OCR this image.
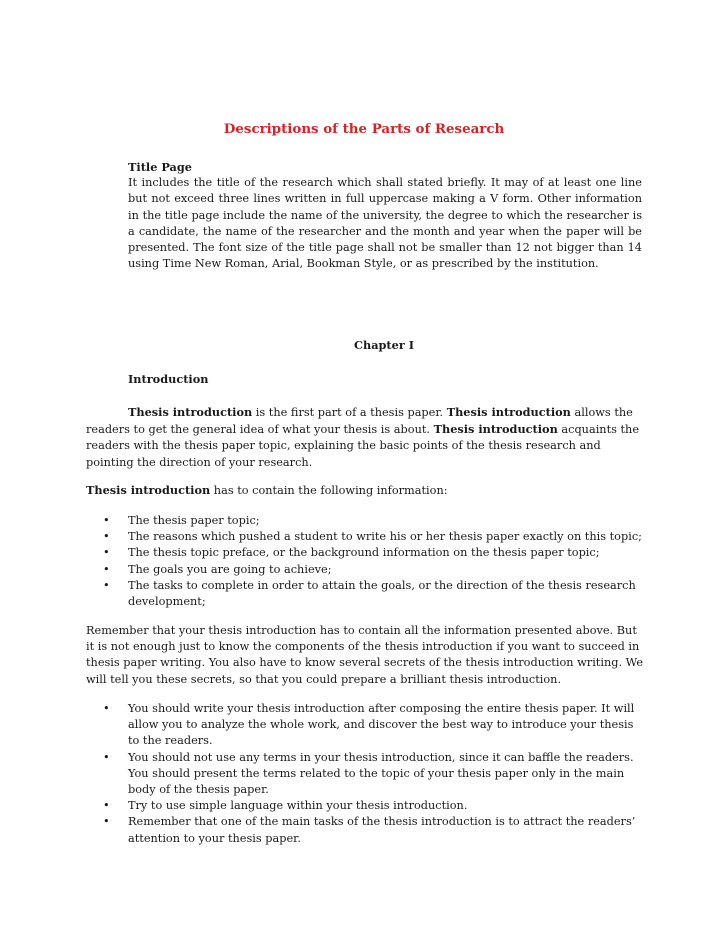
Descriptions of the Parts of Research

Title Page

It includes the title of the research which shall stated briefly. It may of at least one line but not exceed three lines written in full uppercase making a V form. Other information in the title page include the name of the university, the degree to which the researcher is a candidate, the name of the researcher and the month and year when the paper will be presented. The font size of the title page shall not be smaller than 12 not bigger than 14 using Time New Roman, Arial, Bookman Style, or as prescribed by the institution.

Chapter I

Introduction

Thesis introduction is the first part of a thesis paper. Thesis introduction allows the readers to get the general idea of what your thesis is about. Thesis introduction acquaints the readers with the thesis paper topic, explaining the basic points of the thesis research and pointing the direction of your research.

Thesis introduction has to contain the following information:

• The thesis paper topic;
• The reasons which pushed a student to write his or her thesis paper exactly on this topic;
• The thesis topic preface, or the background information on the thesis paper topic;
• The goals you are going to achieve;
• The tasks to complete in order to attain the goals, or the direction of the thesis research development;

Remember that your thesis introduction has to contain all the information presented above. But it is not enough just to know the components of the thesis introduction if you want to succeed in thesis paper writing. You also have to know several secrets of the thesis introduction writing. We will tell you these secrets, so that you could prepare a brilliant thesis introduction.

• You should write your thesis introduction after composing the entire thesis paper. It will allow you to analyze the whole work, and discover the best way to introduce your thesis to the readers.
• You should not use any terms in your thesis introduction, since it can baffle the readers. You should present the terms related to the topic of your thesis paper only in the main body of the thesis paper.
• Try to use simple language within your thesis introduction.
• Remember that one of the main tasks of the thesis introduction is to attract the readers’ attention to your thesis paper.
